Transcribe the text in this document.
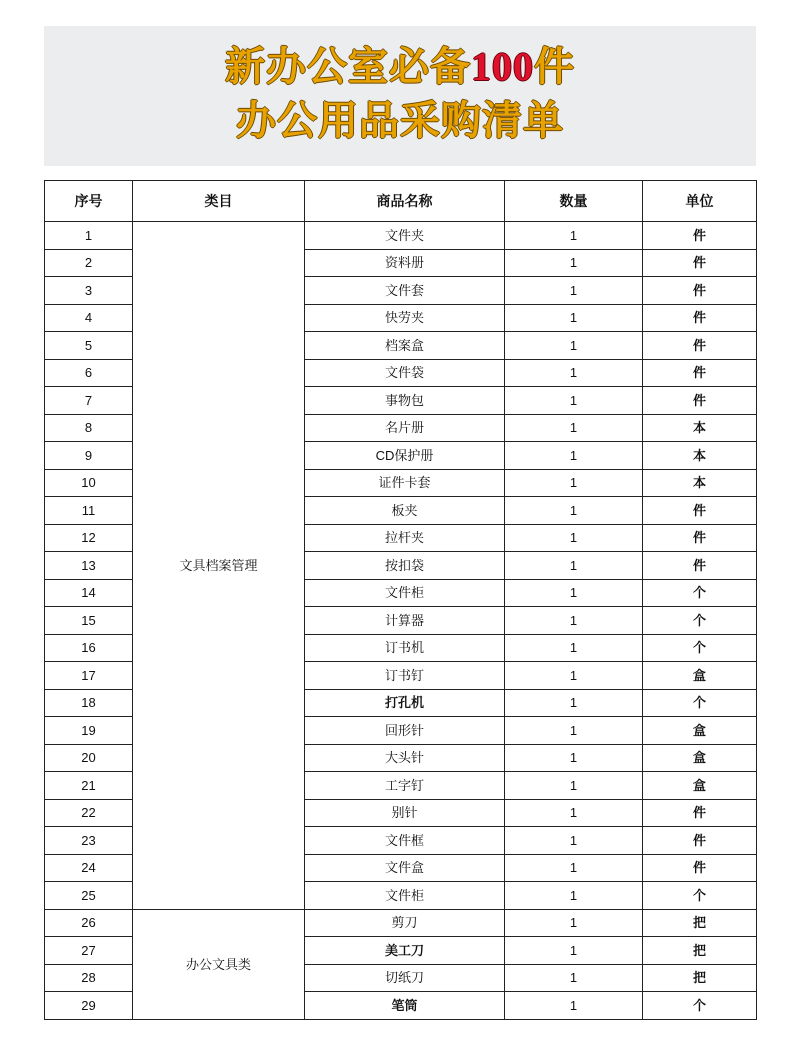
新办公室必备100件
办公用品采购清单
序号	类目	商品名称	数量	单位
1	文具档案管理	文件夹	1	件
2		资料册	1	件
3		文件套	1	件
4		快劳夹	1	件
5		档案盒	1	件
6		文件袋	1	件
7		事物包	1	件
8		名片册	1	本
9		CD保护册	1	本
10		证件卡套	1	本
11		板夹	1	件
12		拉杆夹	1	件
13		按扣袋	1	件
14		文件柜	1	个
15		计算器	1	个
16		订书机	1	个
17		订书钉	1	盒
18		打孔机	1	个
19		回形针	1	盒
20		大头针	1	盒
21		工字钉	1	盒
22		别针	1	件
23		文件框	1	件
24		文件盒	1	件
25		文件柜	1	个
26	办公文具类	剪刀	1	把
27		美工刀	1	把
28		切纸刀	1	把
29		笔筒	1	个
